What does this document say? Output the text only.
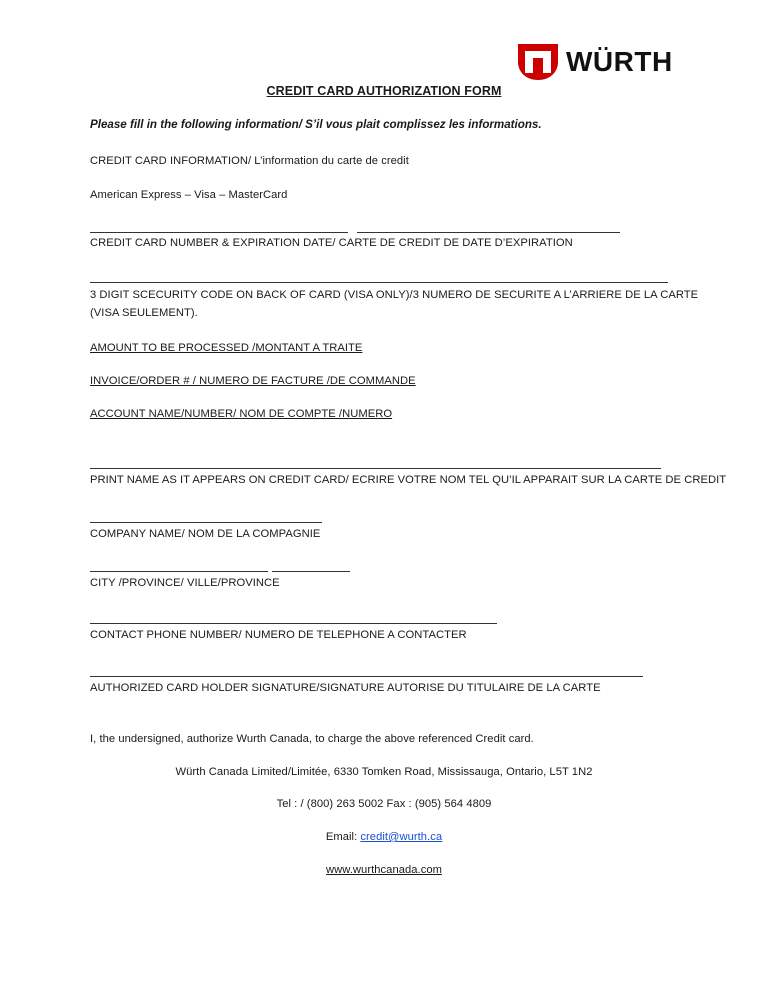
WÜRTH
CREDIT CARD AUTHORIZATION FORM
Please fill in the following information/ S’il vous plait complissez les informations.
CREDIT CARD INFORMATION/ L’information du carte de credit
American Express – Visa – MasterCard
CREDIT CARD NUMBER & EXPIRATION DATE/ CARTE DE CREDIT DE DATE D’EXPIRATION
3 DIGIT SCECURITY CODE ON BACK OF CARD (VISA ONLY)/3 NUMERO DE SECURITE A L’ARRIERE DE LA CARTE
(VISA SEULEMENT).
AMOUNT TO BE PROCESSED /MONTANT A TRAITE
INVOICE/ORDER # / NUMERO DE FACTURE /DE COMMANDE
ACCOUNT NAME/NUMBER/ NOM DE COMPTE /NUMERO
PRINT NAME AS IT APPEARS ON CREDIT CARD/ ECRIRE VOTRE NOM TEL QU’IL APPARAIT SUR LA CARTE DE CREDIT
COMPANY NAME/ NOM DE LA COMPAGNIE
CITY /PROVINCE/ VILLE/PROVINCE
CONTACT PHONE NUMBER/ NUMERO DE TELEPHONE A CONTACTER
AUTHORIZED CARD HOLDER SIGNATURE/SIGNATURE AUTORISE DU TITULAIRE DE LA CARTE
I, the undersigned, authorize Wurth Canada, to charge the above referenced Credit card.
Würth Canada Limited/Limitée, 6330 Tomken Road, Mississauga, Ontario, L5T 1N2
Tel : / (800) 263 5002 Fax : (905) 564 4809
Email: credit@wurth.ca
www.wurthcanada.com
